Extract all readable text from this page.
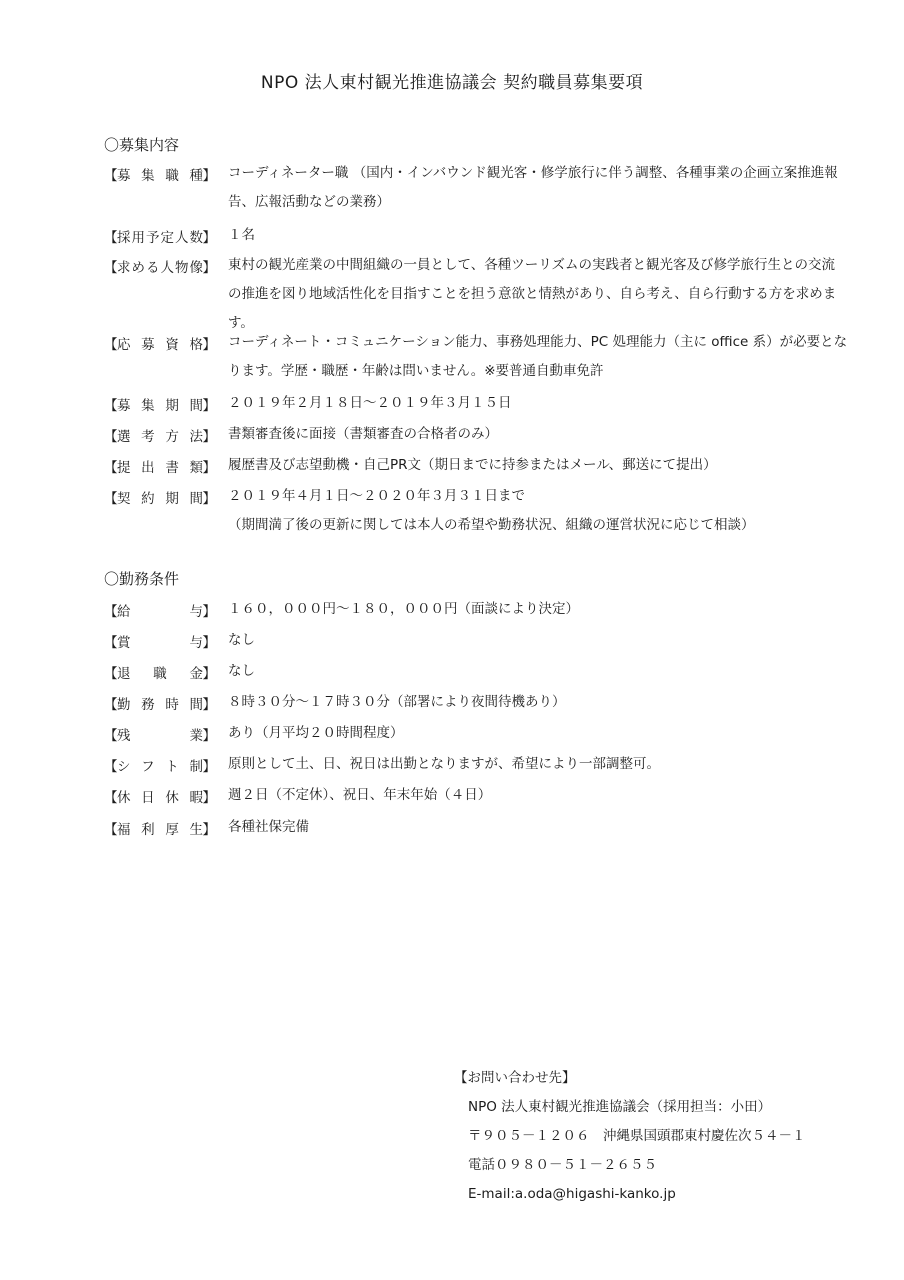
NPO 法人東村観光推進協議会 契約職員募集要項
〇募集内容
【 募 集 職 種 】 コーディネーター職 （国内・インバウンド観光客・修学旅行に伴う調整、各種事業の企画立案推進報

告、広報活動などの業務）

【 採 用 予 定 人 数 】 １名

【 求 め る 人 物 像 】 東村の観光産業の中間組織の一員として、各種ツーリズムの実践者と観光客及び修学旅行生との交流

の推進を図り地域活性化を目指すことを担う意欲と情熱があり、自ら考え、自ら行動する方を求めま

す。

【 応 募 資 格 】 コーディネート・コミュニケーション能力、事務処理能力、PC 処理能力（主に office 系）が必要とな

ります。学歴・職歴・年齢は問いません。※要普通自動車免許

【 募 集 期 間 】 ２０１９年２月１８日～２０１９年３月１５日

【 選 考 方 法 】 書類審査後に面接（書類審査の合格者のみ）

【 提 出 書 類 】 履歴書及び志望動機・自己PR文（期日までに持参またはメール、郵送にて提出）

【 契 約 期 間 】 ２０１９年４月１日～２０２０年３月３１日まで

（期間満了後の更新に関しては本人の希望や勤務状況、組織の運営状況に応じて相談）

〇勤務条件
【 給	与 】 １６０，０００円～１８０，０００円（面談により決定）

【 賞	与 】 なし

【 退 職 金 】 なし

【 勤 務 時 間 】 ８時３０分～１７時３０分（部署により夜間待機あり）

【 残	業 】 あり（月平均２０時間程度）

【 シ フ ト 制 】 原則として土、日、祝日は出勤となりますが、希望により一部調整可。

【 休 日 休 暇 】 週２日（不定休）、祝日、年末年始（４日）

【 福 利 厚 生 】 各種社保完備

【お問い合わせ先】
NPO 法人東村観光推進協議会（採用担当：小田）
〒９０５－１２０６　沖縄県国頭郡東村慶佐次５４－１
電話０９８０－５１－２６５５
E-mail:a.oda@higashi-kanko.jp
